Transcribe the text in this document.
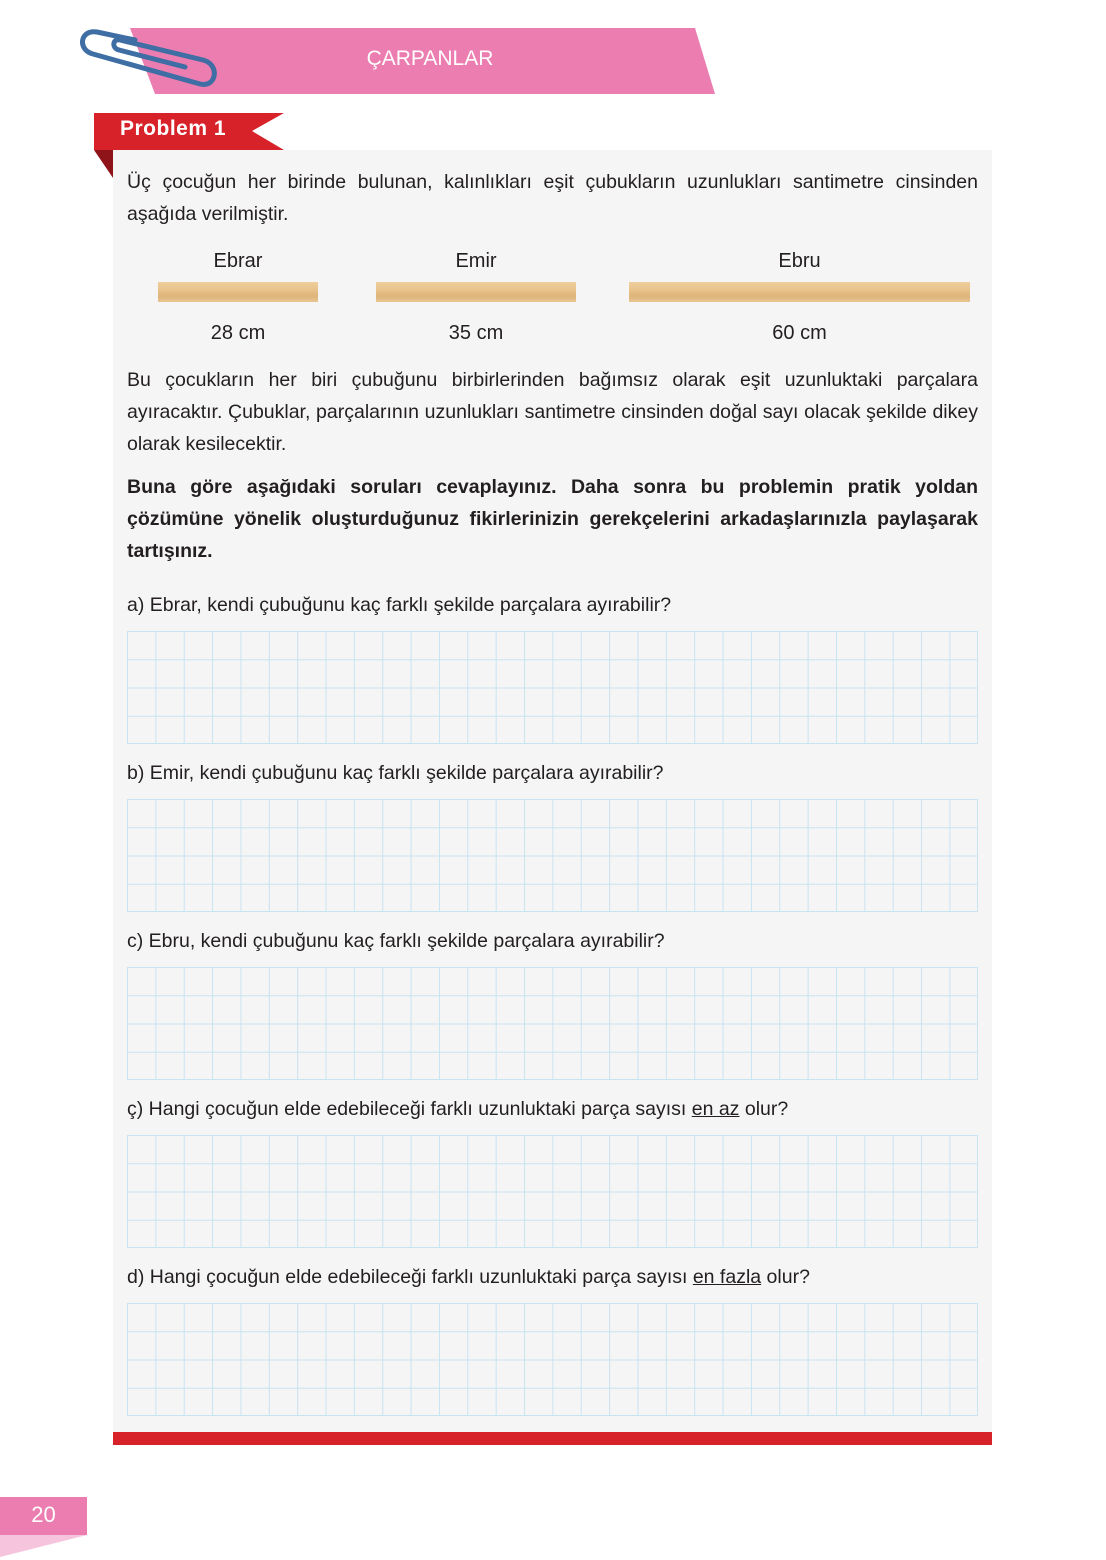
ÇARPANLAR
Problem 1
Üç çocuğun her birinde bulunan, kalınlıkları eşit çubukların uzunlukları santimetre cinsinden aşağıda verilmiştir.
Ebrar
28 cm
Emir
35 cm
Ebru
60 cm
Bu çocukların her biri çubuğunu birbirlerinden bağımsız olarak eşit uzunluktaki parçalara ayıracaktır. Çubuklar, parçalarının uzunlukları santimetre cinsinden doğal sayı olacak şekilde dikey olarak kesilecektir.
Buna göre aşağıdaki soruları cevaplayınız. Daha sonra bu problemin pratik yoldan çözümüne yönelik oluşturduğunuz fikirlerinizin gerekçelerini arkadaşlarınızla paylaşarak tartışınız.
a) Ebrar, kendi çubuğunu kaç farklı şekilde parçalara ayırabilir?
b) Emir, kendi çubuğunu kaç farklı şekilde parçalara ayırabilir?
c) Ebru, kendi çubuğunu kaç farklı şekilde parçalara ayırabilir?
ç) Hangi çocuğun elde edebileceği farklı uzunluktaki parça sayısı en az olur?
d) Hangi çocuğun elde edebileceği farklı uzunluktaki parça sayısı en fazla olur?
20
